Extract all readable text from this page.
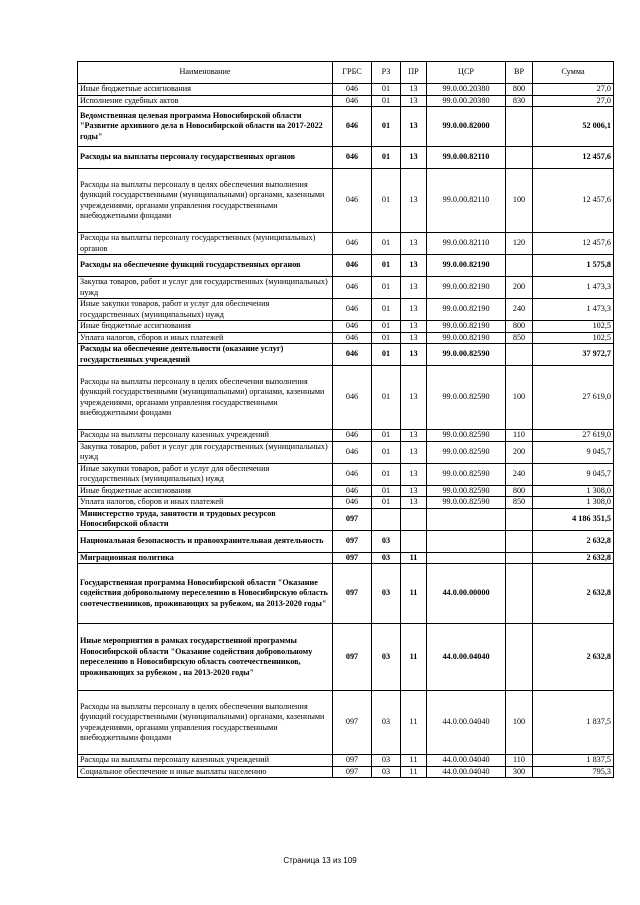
Наименование	ГРБС	РЗ	ПР	ЦСР	ВР	Сумма
Иные бюджетные ассигнования	046	01	13	99.0.00.20380	800	27,0
Исполнение судебных актов	046	01	13	99.0.00.20380	830	27,0
Ведомственная целевая программа Новосибирской области "Развитие архивного дела в Новосибирской области на 2017-2022 годы"	046	01	13	99.0.00.82000		52 006,1
Расходы на выплаты персоналу государственных органов	046	01	13	99.0.00.82110		12 457,6
Расходы на выплаты персоналу в целях обеспечения выполнения функций государственными (муниципальными) органами, казенными учреждениями, органами управления государственными внебюджетными фондами	046	01	13	99.0.00.82110	100	12 457,6
Расходы на выплаты персоналу государственных (муниципальных) органов	046	01	13	99.0.00.82110	120	12 457,6
Расходы на обеспечение функций государственных органов	046	01	13	99.0.00.82190		1 575,8
Закупка товаров, работ и услуг для государственных (муниципальных) нужд	046	01	13	99.0.00.82190	200	1 473,3
Иные закупки товаров, работ и услуг для обеспечения государственных (муниципальных) нужд	046	01	13	99.0.00.82190	240	1 473,3
Иные бюджетные ассигнования	046	01	13	99.0.00.82190	800	102,5
Уплата налогов, сборов и иных платежей	046	01	13	99.0.00.82190	850	102,5
Расходы на обеспечение деятельности (оказание услуг) государственных учреждений	046	01	13	99.0.00.82590		37 972,7
Расходы на выплаты персоналу в целях обеспечения выполнения функций государственными (муниципальными) органами, казенными учреждениями, органами управления государственными внебюджетными фондами	046	01	13	99.0.00.82590	100	27 619,0
Расходы на выплаты персоналу казенных учреждений	046	01	13	99.0.00.82590	110	27 619,0
Закупка товаров, работ и услуг для государственных (муниципальных) нужд	046	01	13	99.0.00.82590	200	9 045,7
Иные закупки товаров, работ и услуг для обеспечения государственных (муниципальных) нужд	046	01	13	99.0.00.82590	240	9 045,7
Иные бюджетные ассигнования	046	01	13	99.0.00.82590	800	1 308,0
Уплата налогов, сборов и иных платежей	046	01	13	99.0.00.82590	850	1 308,0
Министерство труда, занятости и трудовых ресурсов Новосибирской области	097					4 186 351,5
Национальная безопасность и правоохранительная деятельность	097	03				2 632,8
Миграционная политика	097	03	11			2 632,8
Государственная программа Новосибирской области "Оказание содействия добровольному переселению в Новосибирскую область соотечественников, проживающих за рубежом, на 2013-2020 годы"	097	03	11	44.0.00.00000		2 632,8
Иные мероприятия в рамках государственной программы Новосибирской области "Оказание содействия добровольному переселению в Новосибирскую область соотечественников, проживающих за рубежом , на 2013-2020 годы"	097	03	11	44.0.00.04040		2 632,8
Расходы на выплаты персоналу в целях обеспечения выполнения функций государственными (муниципальными) органами, казенными учреждениями, органами управления государственными внебюджетными фондами	097	03	11	44.0.00.04040	100	1 837,5
Расходы на выплаты персоналу казенных учреждений	097	03	11	44.0.00.04040	110	1 837,5
Социальное обеспечение и иные выплаты населению	097	03	11	44.0.00.04040	300	795,3
Страница 13 из 109
